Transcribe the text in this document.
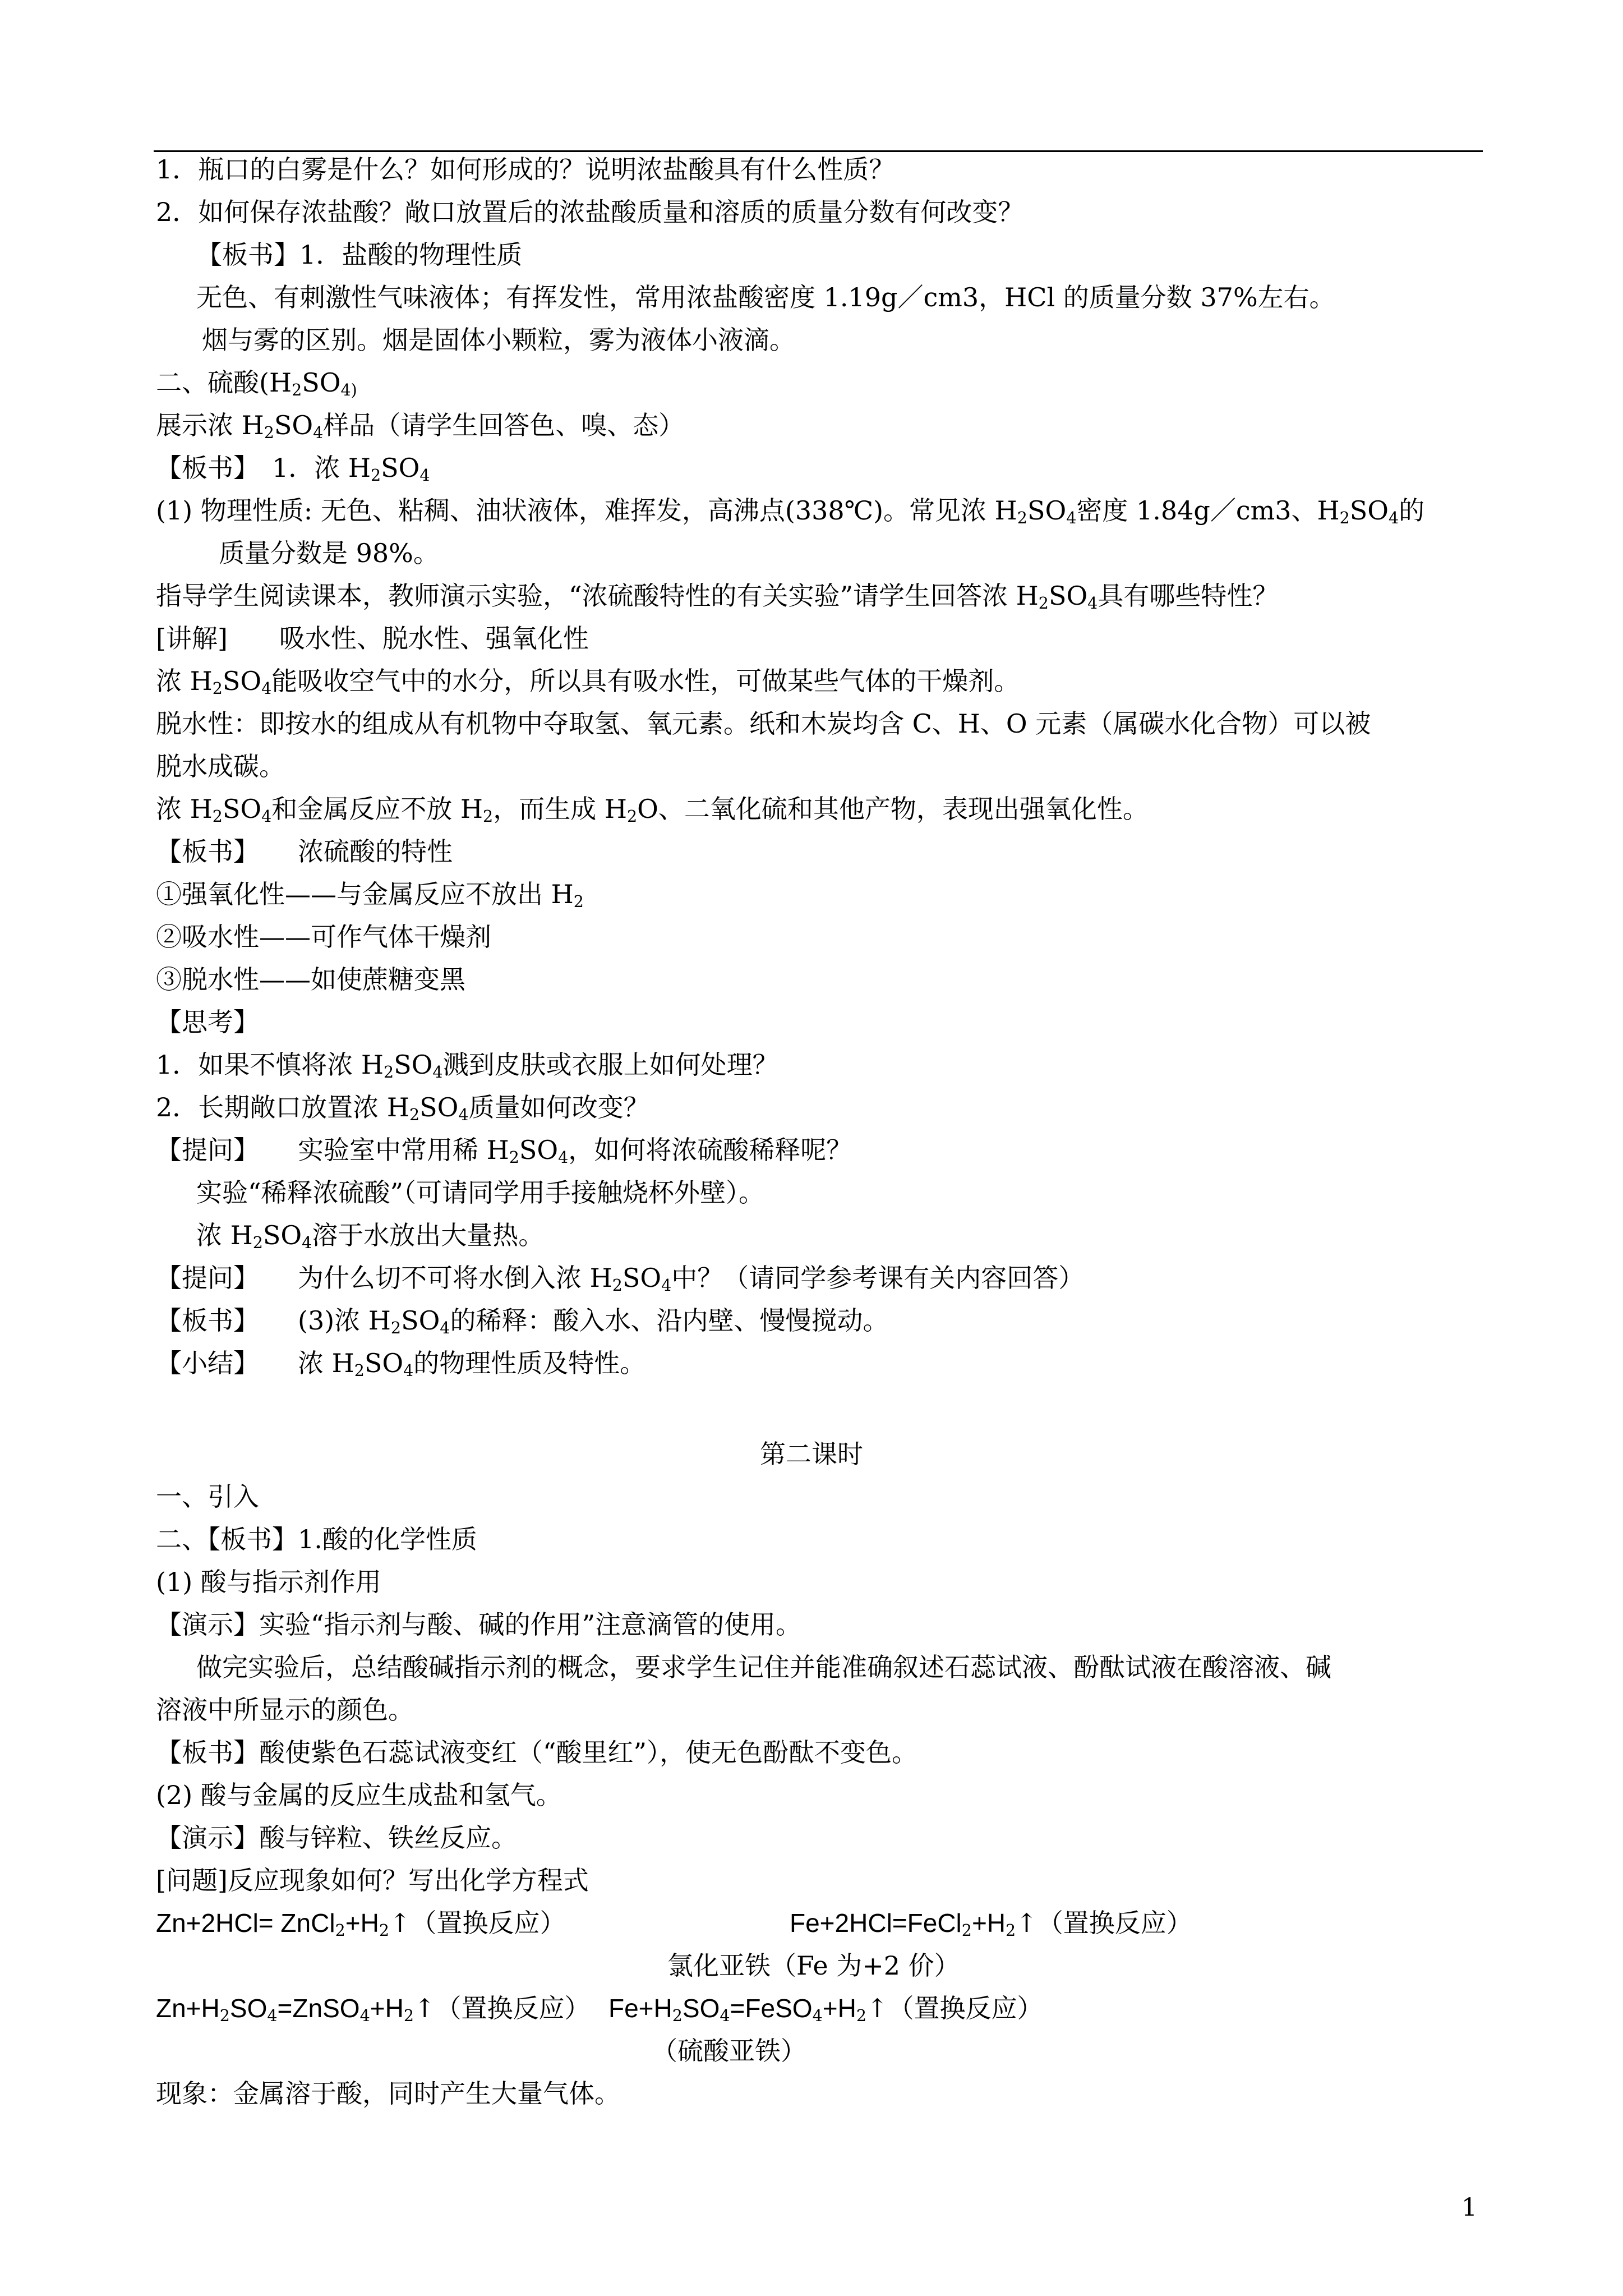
1．瓶口的白雾是什么？如何形成的？说明浓盐酸具有什么性质？
2．如何保存浓盐酸？敞口放置后的浓盐酸质量和溶质的质量分数有何改变？
【板书】1．盐酸的物理性质
无色、有刺激性气味液体；有挥发性，常用浓盐酸密度 1.19g／cm3，HCl 的质量分数 37%左右。
烟与雾的区别。烟是固体小颗粒，雾为液体小液滴。
二、硫酸($H_2SO_{4)}$
展示浓 $H_2SO_4$样品（请学生回答色、嗅、态）
【板书】　1．浓 $H_2SO_4$
(1) 物理性质: 无色、粘稠、油状液体，难挥发，高沸点(338℃)。常见浓 $H_2SO_4$密度 1.84g／cm3、$H_2SO_4$的
质量分数是 98%。
指导学生阅读课本，教师演示实验，“浓硫酸特性的有关实验”请学生回答浓 $H_2SO_4$具有哪些特性？
[讲解]　　吸水性、脱水性、强氧化性
浓 $H_2SO_4$能吸收空气中的水分，所以具有吸水性，可做某些气体的干燥剂。
脱水性：即按水的组成从有机物中夺取氢、氧元素。纸和木炭均含 C、H、O 元素（属碳水化合物）可以被
脱水成碳。
浓 $H_2SO_4$和金属反应不放 $H_2$，而生成 $H_2O$、二氧化硫和其他产物，表现出强氧化性。
【板书】　　浓硫酸的特性
①强氧化性——与金属反应不放出 $H_2$
②吸水性——可作气体干燥剂
③脱水性——如使蔗糖变黑
【思考】
1．如果不慎将浓 $H_2SO_4$溅到皮肤或衣服上如何处理？
2．长期敞口放置浓 $H_2SO_4$质量如何改变？
【提问】　　实验室中常用稀 $H_2SO_4$，如何将浓硫酸稀释呢？
实验“稀释浓硫酸”（可请同学用手接触烧杯外壁）。
浓 $H_2SO_4$溶于水放出大量热。
【提问】　　为什么切不可将水倒入浓 $H_2SO_4$中？（请同学参考课有关内容回答）
【板书】　　(3)浓 $H_2SO_4$的稀释：酸入水、沿内壁、慢慢搅动。
【小结】　　浓 $H_2SO_4$的物理性质及特性。
第二课时
一、引入
二、【板书】1.酸的化学性质
(1) 酸与指示剂作用
【演示】实验“指示剂与酸、碱的作用”注意滴管的使用。
做完实验后，总结酸碱指示剂的概念，要求学生记住并能准确叙述石蕊试液、酚酞试液在酸溶液、碱
溶液中所显示的颜色。
【板书】酸使紫色石蕊试液变红（“酸里红”），使无色酚酞不变色。
(2) 酸与金属的反应生成盐和氢气。
【演示】酸与锌粒、铁丝反应。
[问题]反应现象如何？写出化学方程式
$Zn+2HCl= ZnCl_2+H_2↑$（置换反应）	$Fe+2HCl=FeCl_2+H_2↑$（置换反应）
氯化亚铁（Fe 为+2 价）
$Zn+H_2SO_4=ZnSO_4+H_2↑$（置换反应） $Fe+H_2SO_4=FeSO_4+H_2↑$（置换反应）
（硫酸亚铁）
现象：金属溶于酸，同时产生大量气体。
1
